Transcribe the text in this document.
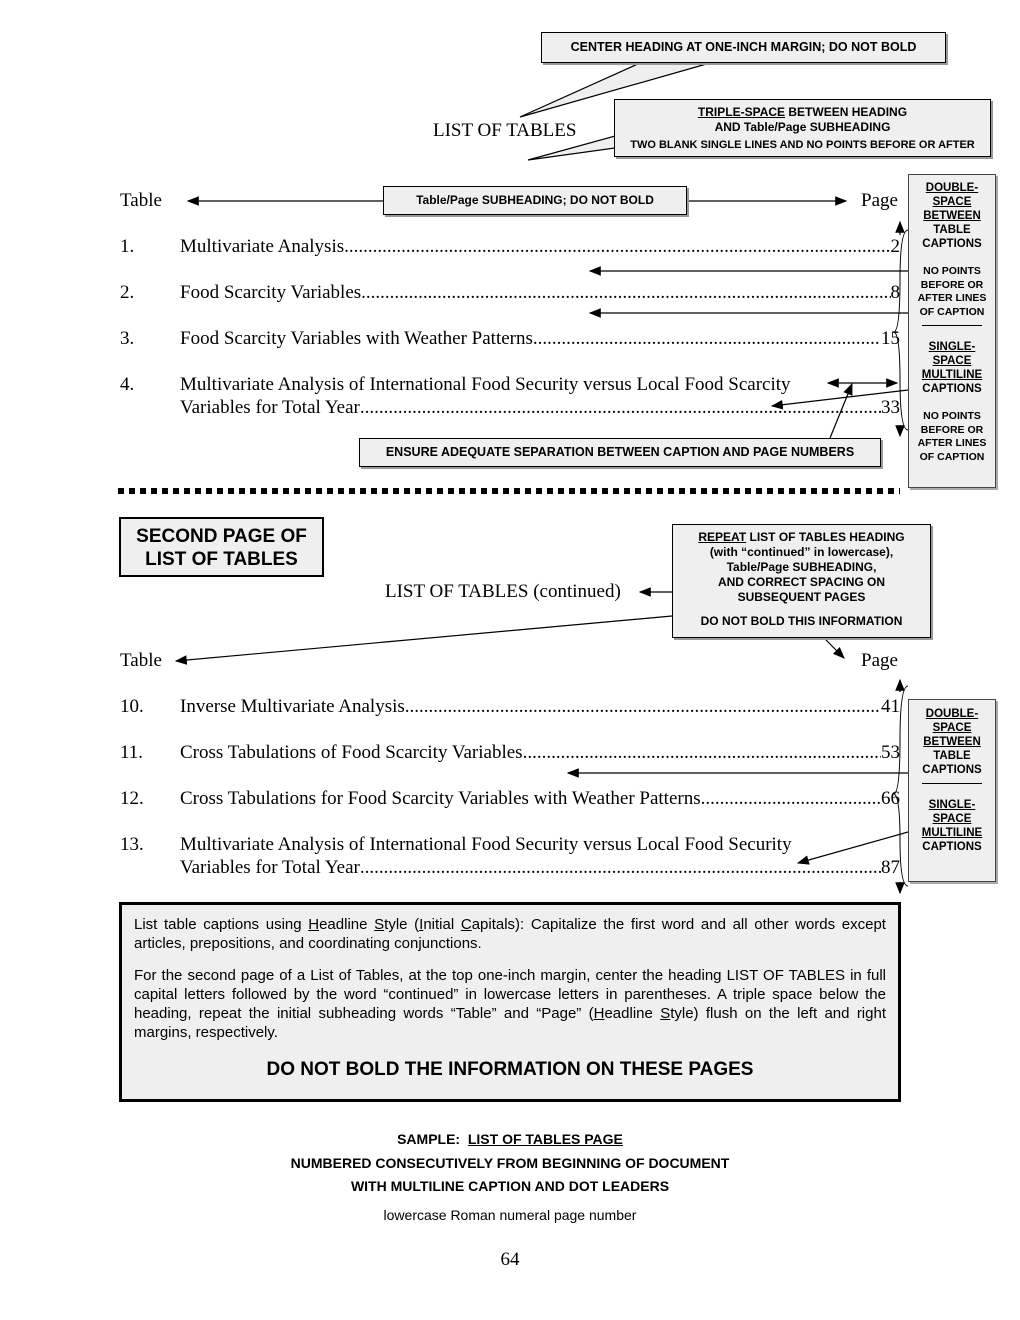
CENTER HEADING AT ONE-INCH MARGIN; DO NOT BOLD
TRIPLE-SPACE BETWEEN HEADING
AND Table/Page SUBHEADING
TWO BLANK SINGLE LINES AND NO POINTS BEFORE OR AFTER
LIST OF TABLES
Table	Table/Page SUBHEADING; DO NOT BOLD	Page
1. Multivariate Analysis .....	2
2. Food Scarcity Variables .....	8
3. Food Scarcity Variables with Weather Patterns .....	15
4. Multivariate Analysis of International Food Security versus Local Food Scarcity
Variables for Total Year .....	33
ENSURE ADEQUATE SEPARATION BETWEEN CAPTION AND PAGE NUMBERS

DOUBLE-

SPACE

BETWEEN

TABLE

CAPTIONS

NO POINTS

BEFORE OR

AFTER LINES

OF CAPTION

SINGLE-

SPACE

MULTILINE

CAPTIONS

NO POINTS

BEFORE OR

AFTER LINES

OF CAPTION

SECOND PAGE OF
LIST OF TABLES
LIST OF TABLES (continued)
REPEAT LIST OF TABLES HEADING
(with “continued” in lowercase),
Table/Page SUBHEADING,
AND CORRECT SPACING ON
SUBSEQUENT PAGES
DO NOT BOLD THIS INFORMATION
Table	Page
10. Inverse Multivariate Analysis .....	41
11. Cross Tabulations of Food Scarcity Variables .....	53
12. Cross Tabulations for Food Scarcity Variables with Weather Patterns .....	66
13. Multivariate Analysis of International Food Security versus Local Food Security
Variables for Total Year .....	87

DOUBLE-

SPACE

BETWEEN

TABLE

CAPTIONS

SINGLE-

SPACE

MULTILINE

CAPTIONS

List table captions using Headline Style (Initial Capitals): Capitalize the first word and all other words except articles, prepositions, and coordinating conjunctions.

For the second page of a List of Tables, at the top one-inch margin, center the heading LIST OF TABLES in full capital letters followed by the word “continued” in lowercase letters in parentheses. A triple space below the heading, repeat the initial subheading words “Table” and “Page” (Headline Style) flush on the left and right margins, respectively.

DO NOT BOLD THE INFORMATION ON THESE PAGES

SAMPLE: LIST OF TABLES PAGE
NUMBERED CONSECUTIVELY FROM BEGINNING OF DOCUMENT
WITH MULTILINE CAPTION AND DOT LEADERS
lowercase Roman numeral page number
64
